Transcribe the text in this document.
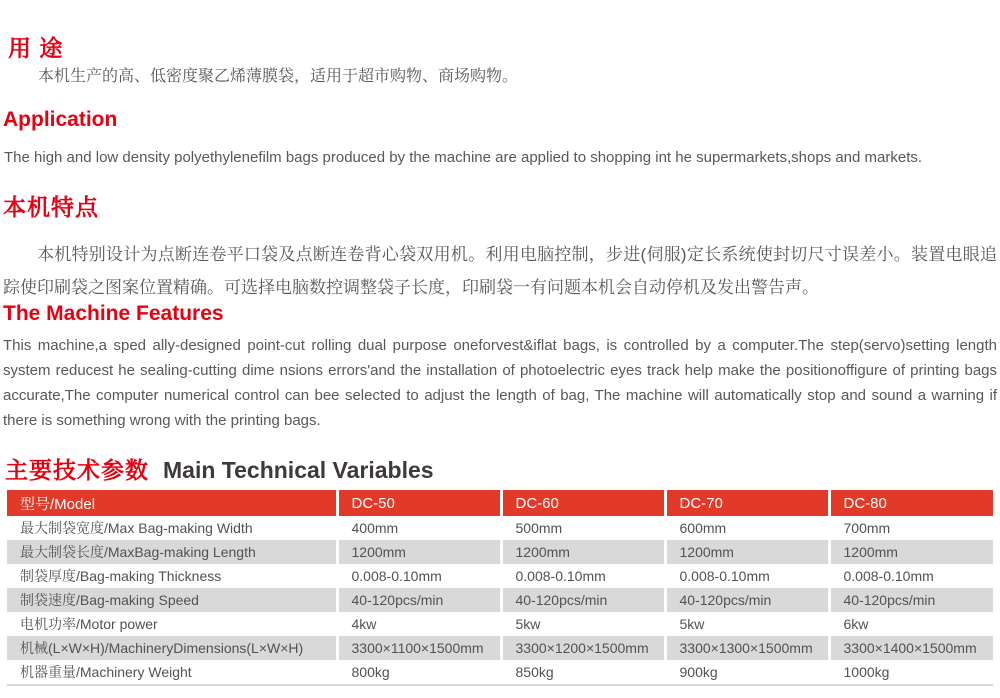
用 途
本机生产的高、低密度聚乙烯薄膜袋，适用于超市购物、商场购物。
Application
The high and low density polyethylenefilm bags produced by the machine are applied to shopping int he supermarkets,shops and markets.
本机特点
本机特别设计为点断连卷平口袋及点断连卷背心袋双用机。利用电脑控制，步进(伺服)定长系统使封切尺寸误差小。装置电眼追踪使印刷袋之图案位置精确。可选择电脑数控调整袋子长度，印刷袋一有问题本机会自动停机及发出警告声。
The Machine Features
This machine,a sped ally-designed point-cut rolling dual purpose oneforvest&iflat bags, is controlled by a computer.The step(servo)setting length system reducest he sealing-cutting dime nsions errors'and the installation of photoelectric eyes track help make the positionoffigure of printing bags accurate,The computer numerical control can bee selected to adjust the length of bag, The machine will automatically stop and sound a warning if there is something wrong with the printing bags.
主要技术参数 Main Technical Variables
型号/Model	DC-50	DC-60	DC-70	DC-80
最大制袋宽度/Max Bag-making Width	400mm	500mm	600mm	700mm
最大制袋长度/MaxBag-making Length	1200mm	1200mm	1200mm	1200mm
制袋厚度/Bag-making Thickness	0.008-0.10mm	0.008-0.10mm	0.008-0.10mm	0.008-0.10mm
制袋速度/Bag-making Speed	40-120pcs/min	40-120pcs/min	40-120pcs/min	40-120pcs/min
电机功率/Motor power	4kw	5kw	5kw	6kw
机械(L×W×H)/MachineryDimensions(L×W×H)	3300×1100×1500mm	3300×1200×1500mm	3300×1300×1500mm	3300×1400×1500mm
机器重量/Machinery Weight	800kg	850kg	900kg	1000kg
